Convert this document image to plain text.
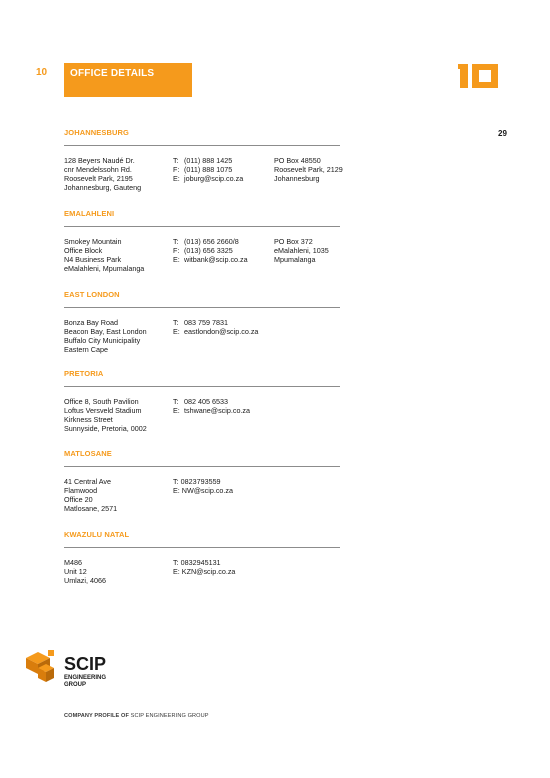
10 OFFICE DETAILS
29
JOHANNESBURG
128 Beyers Naudé Dr.
cnr Mendelssohn Rd.
Roosevelt Park, 2195
Johannesburg, Gauteng
T: (011) 888 1425
F: (011) 888 1075
E: joburg@scip.co.za
PO Box 48550
Roosevelt Park, 2129
Johannesburg
EMALAHLENI
Smokey Mountain
Office Block
N4 Business Park
eMalahleni, Mpumalanga
T: (013) 656 2660/8
F: (013) 656 3325
E: witbank@scip.co.za
PO Box 372
eMalahleni, 1035
Mpumalanga
EAST LONDON
Bonza Bay Road
Beacon Bay, East London
Buffalo City Municipality
Eastern Cape
T: 083 759 7831
E: eastlondon@scip.co.za
PRETORIA
Office 8, South Pavilion
Loftus Versveld Stadium
Kirkness Street
Sunnyside, Pretoria, 0002
T: 082 405 6533
E: tshwane@scip.co.za
MATLOSANE
41 Central Ave
Flamwood
Office 20
Matlosane, 2571
T: 0823793559
E: NW@scip.co.za
KWAZULU NATAL
M486
Unit 12
Umlazi, 4066
T: 0832945131
E: KZN@scip.co.za
SCIP
ENGINEERING
GROUP
COMPANY PROFILE OF SCIP ENGINEERING GROUP
